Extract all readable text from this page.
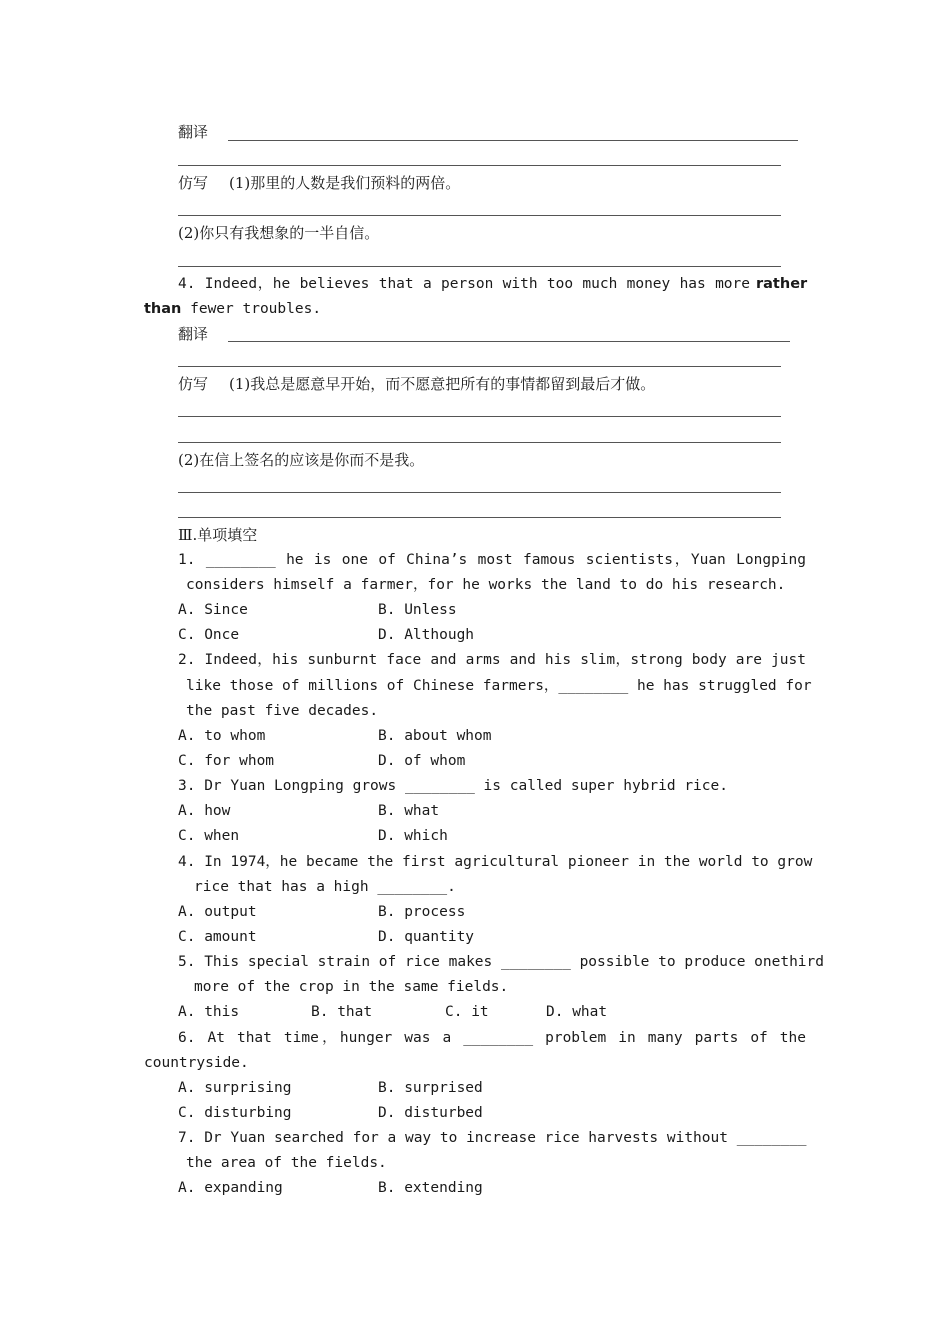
翻译
仿写 (1)那里的人数是我们预料的两倍。
(2)你只有我想象的一半自信。
4. Indeed，he believes that a person with too much money has more rather
than fewer troubles.
翻译
仿写 (1)我总是愿意早开始，而不愿意把所有的事情都留到最后才做。
(2)在信上签名的应该是你而不是我。
Ⅲ.单项填空
1. ________ he is one of China’s most famous scientists，Yuan Longping
considers himself a farmer，for he works the land to do his research.
A. Since	B. Unless
C. Once	D. Although
2. Indeed，his sunburnt face and arms and his slim，strong body are just
like those of millions of Chinese farmers，________ he has struggled for
the past five decades.
A. to whom	B. about whom
C. for whom	D. of whom
3. Dr Yuan Longping grows ________ is called super hybrid rice.
A. how	B. what
C. when	D. which
4. In 1974，he became the first agricultural pioneer in the world to grow
rice that has a high ________.
A. output	B. process
C. amount	D. quantity
5. This special strain of rice makes ________ possible to produce onethird
more of the crop in the same fields.
A. this	B. that	C. it	D. what
6. At that time，hunger was a ________ problem in many parts of the
countryside.
A. surprising	B. surprised
C. disturbing	D. disturbed
7. Dr Yuan searched for a way to increase rice harvests without ________
the area of the fields.
A. expanding	B. extending
